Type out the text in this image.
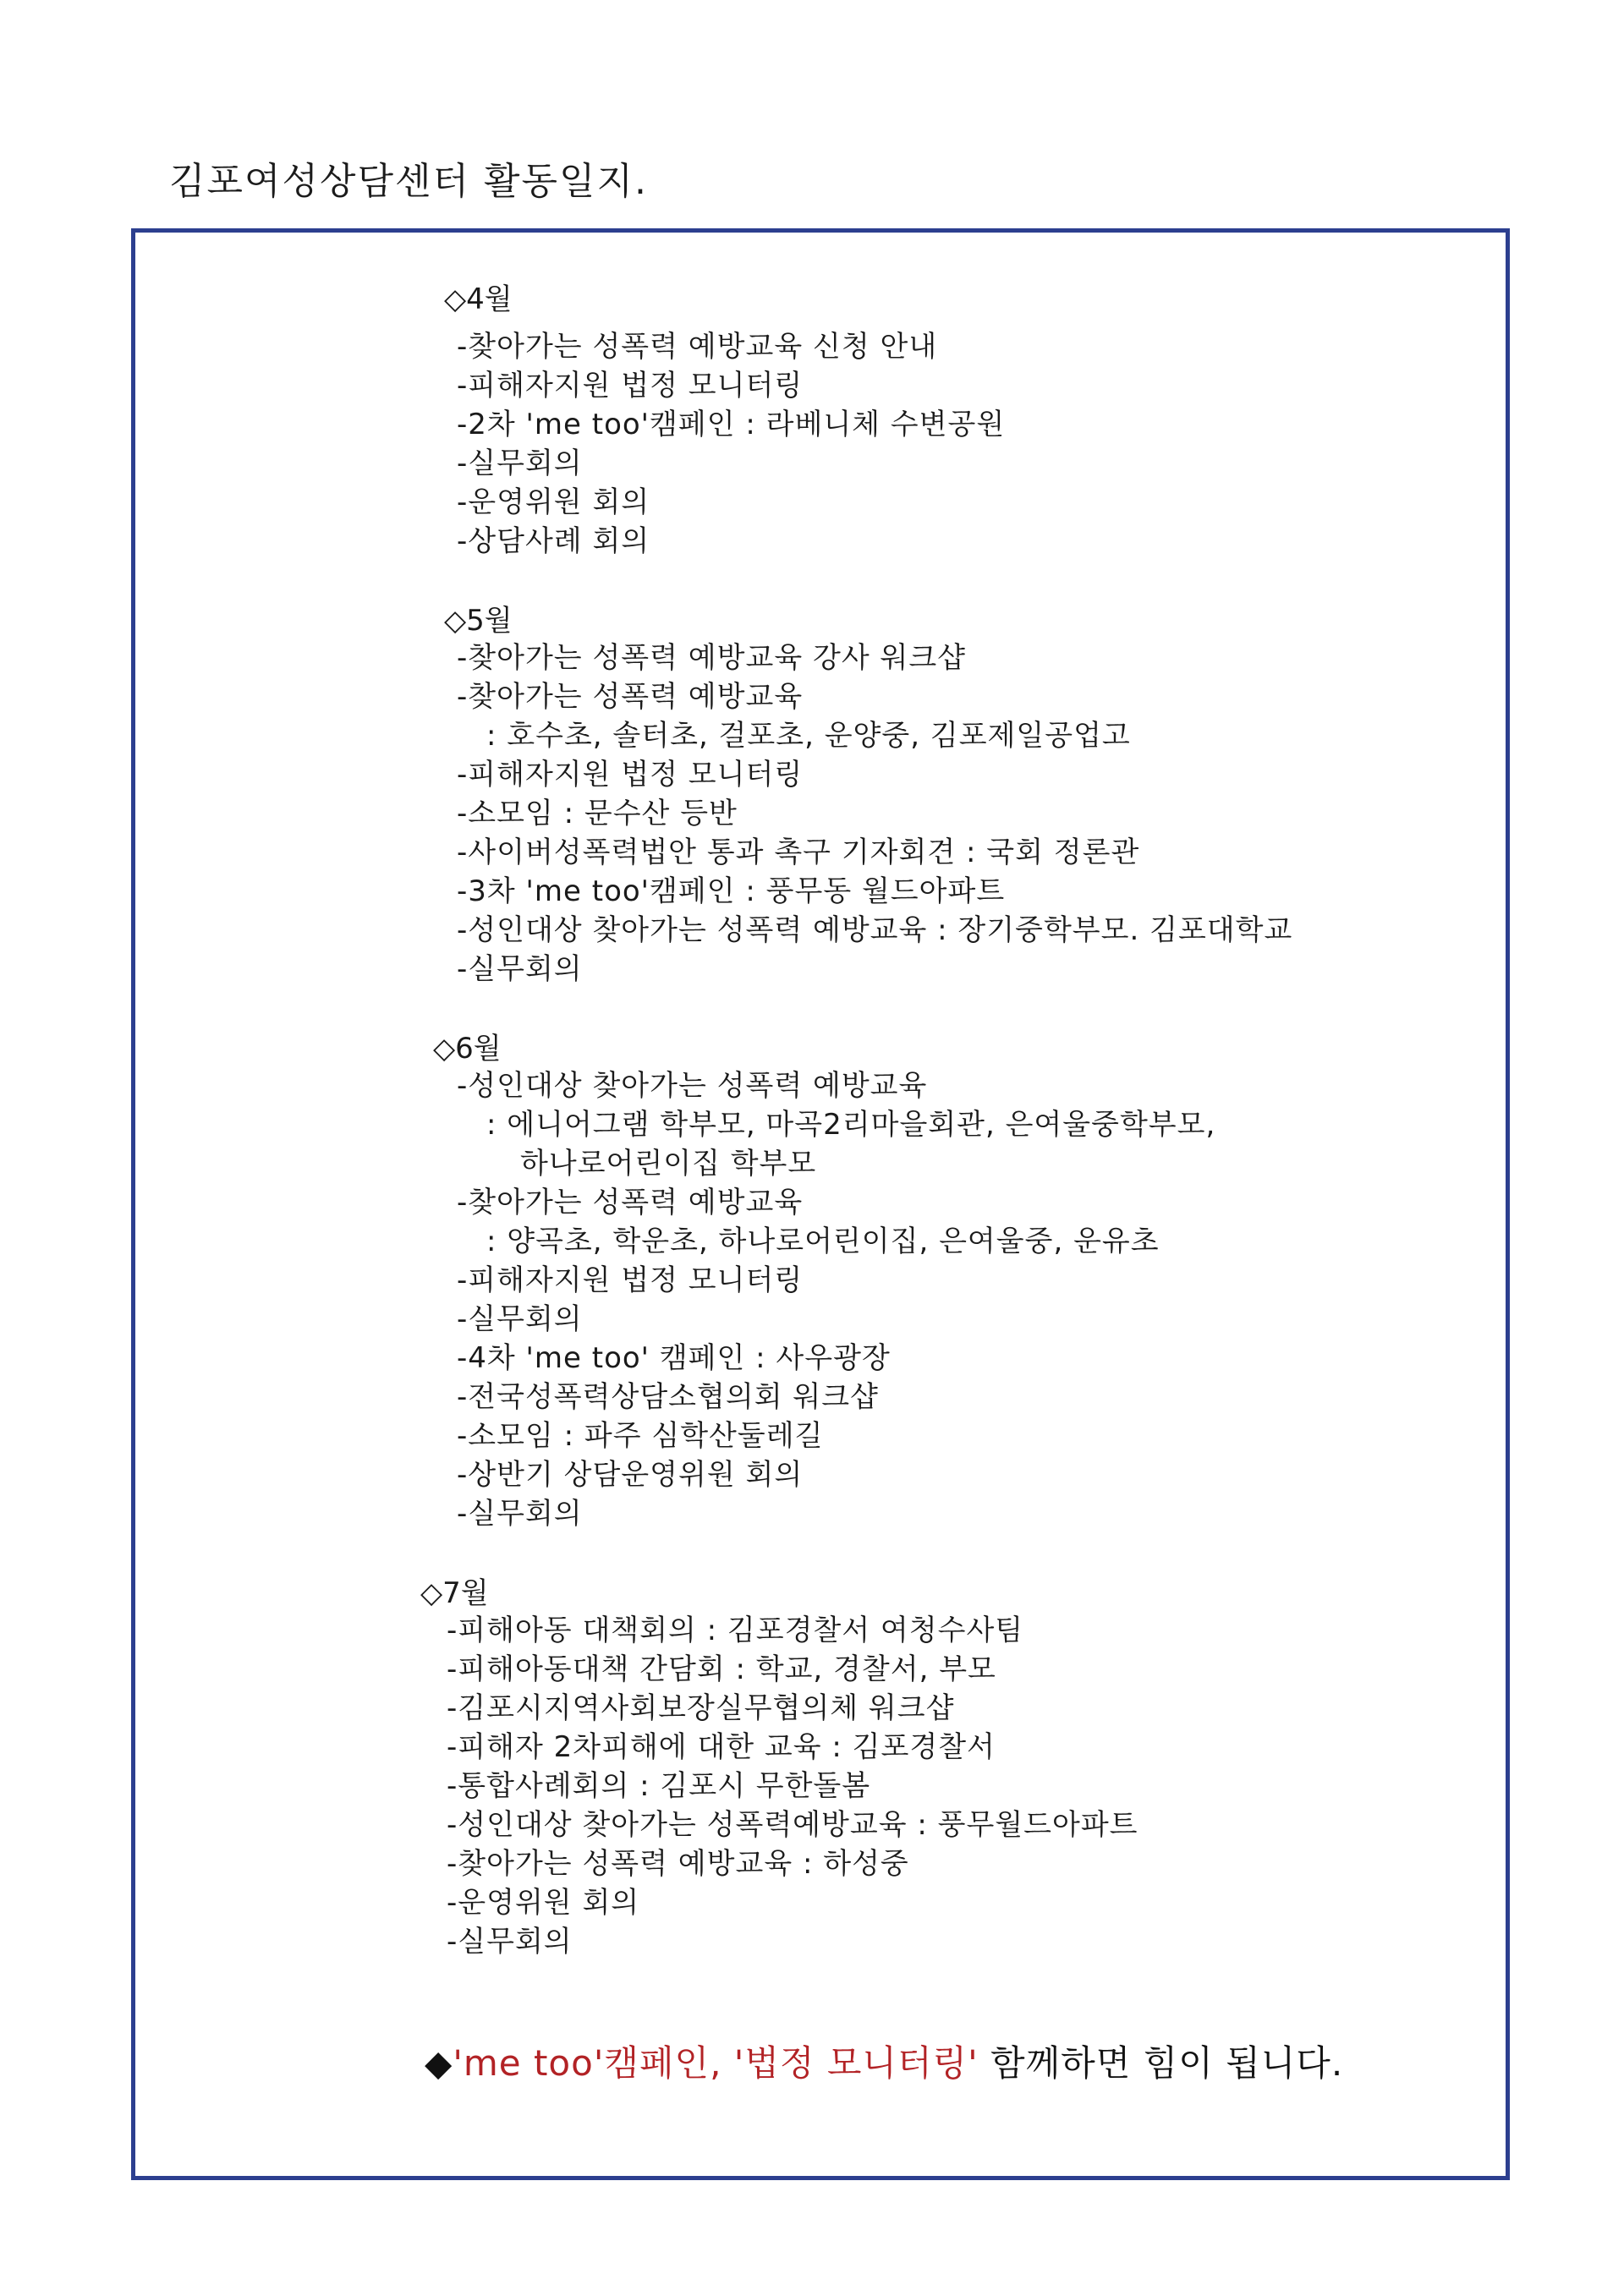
김포여성상담센터 활동일지.
◇4월
-찾아가는 성폭력 예방교육 신청 안내
-피해자지원 법정 모니터링
-2차 'me too'캠페인 : 라베니체 수변공원
-실무회의
-운영위원 회의
-상담사례 회의
◇5월
-찾아가는 성폭력 예방교육 강사 워크샵
-찾아가는 성폭력 예방교육
: 호수초, 솔터초, 걸포초, 운양중, 김포제일공업고
-피해자지원 법정 모니터링
-소모임 : 문수산 등반
-사이버성폭력법안 통과 촉구 기자회견 : 국회 정론관
-3차 'me too'캠페인 : 풍무동 월드아파트
-성인대상 찾아가는 성폭력 예방교육 : 장기중학부모. 김포대학교
-실무회의
◇6월
-성인대상 찾아가는 성폭력 예방교육
: 에니어그램 학부모, 마곡2리마을회관, 은여울중학부모,
하나로어린이집 학부모
-찾아가는 성폭력 예방교육
: 양곡초, 학운초, 하나로어린이집, 은여울중, 운유초
-피해자지원 법정 모니터링
-실무회의
-4차 'me too' 캠페인 : 사우광장
-전국성폭력상담소협의회 워크샵
-소모임 : 파주 심학산둘레길
-상반기 상담운영위원 회의
-실무회의
◇7월
-피해아동 대책회의 : 김포경찰서 여청수사팀
-피해아동대책 간담회 : 학교, 경찰서, 부모
-김포시지역사회보장실무협의체 워크샵
-피해자 2차피해에 대한 교육 : 김포경찰서
-통합사례회의 : 김포시 무한돌봄
-성인대상 찾아가는 성폭력예방교육 : 풍무월드아파트
-찾아가는 성폭력 예방교육 : 하성중
-운영위원 회의
-실무회의
◆'me too'캠페인, '법정 모니터링' 함께하면 힘이 됩니다.
